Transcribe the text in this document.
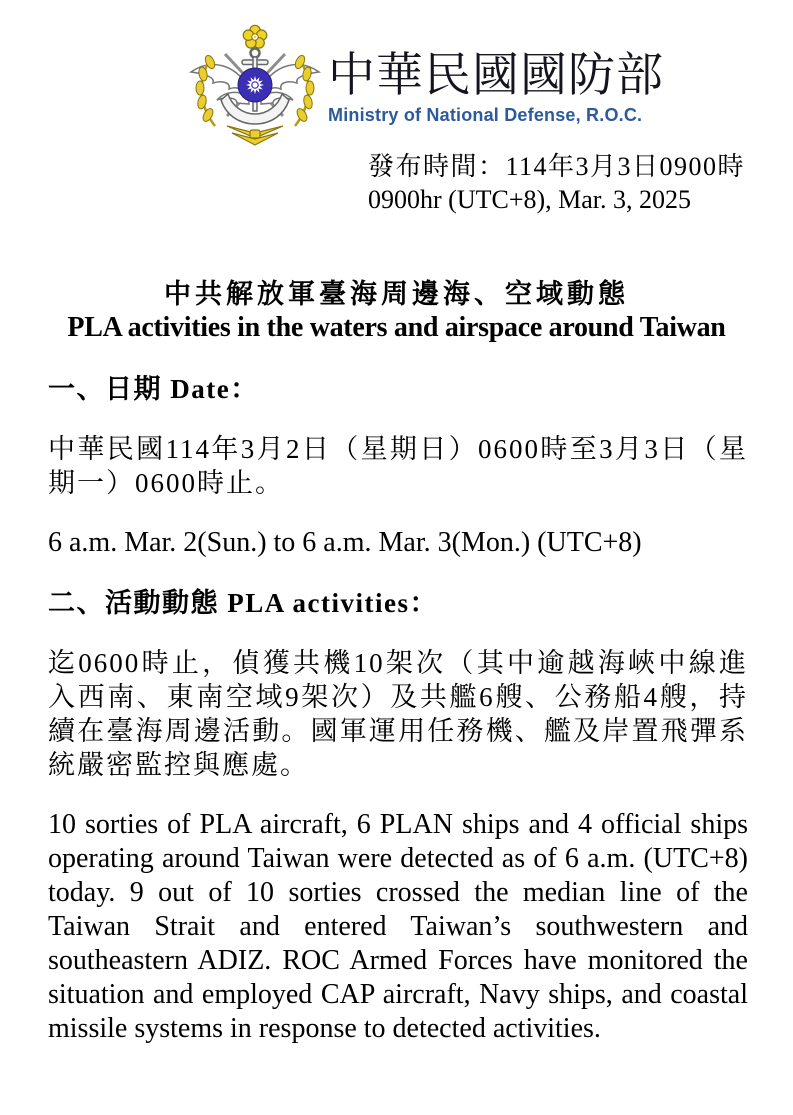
中華民國國防部
Ministry of National Defense, R.O.C.
發布時間：114年3月3日0900時
0900hr (UTC+8), Mar. 3, 2025
中共解放軍臺海周邊海、空域動態
PLA activities in the waters and airspace around Taiwan
一、日期 Date：

中華民國114年3月2日（星期日）0600時至3月3日（星期一）0600時止。

6 a.m. Mar. 2(Sun.) to 6 a.m. Mar. 3(Mon.) (UTC+8)

二、活動動態 PLA activities：

迄0600時止，偵獲共機10架次（其中逾越海峽中線進入西南、東南空域9架次）及共艦6艘、公務船4艘，持續在臺海周邊活動。國軍運用任務機、艦及岸置飛彈系統嚴密監控與應處。

10 sorties of PLA aircraft, 6 PLAN ships and 4 official ships operating around Taiwan were detected as of 6 a.m. (UTC+8) today. 9 out of 10 sorties crossed the median line of the Taiwan Strait and entered Taiwan’s southwestern and southeastern ADIZ. ROC Armed Forces have monitored the situation and employed CAP aircraft, Navy ships, and coastal missile systems in response to detected activities.
